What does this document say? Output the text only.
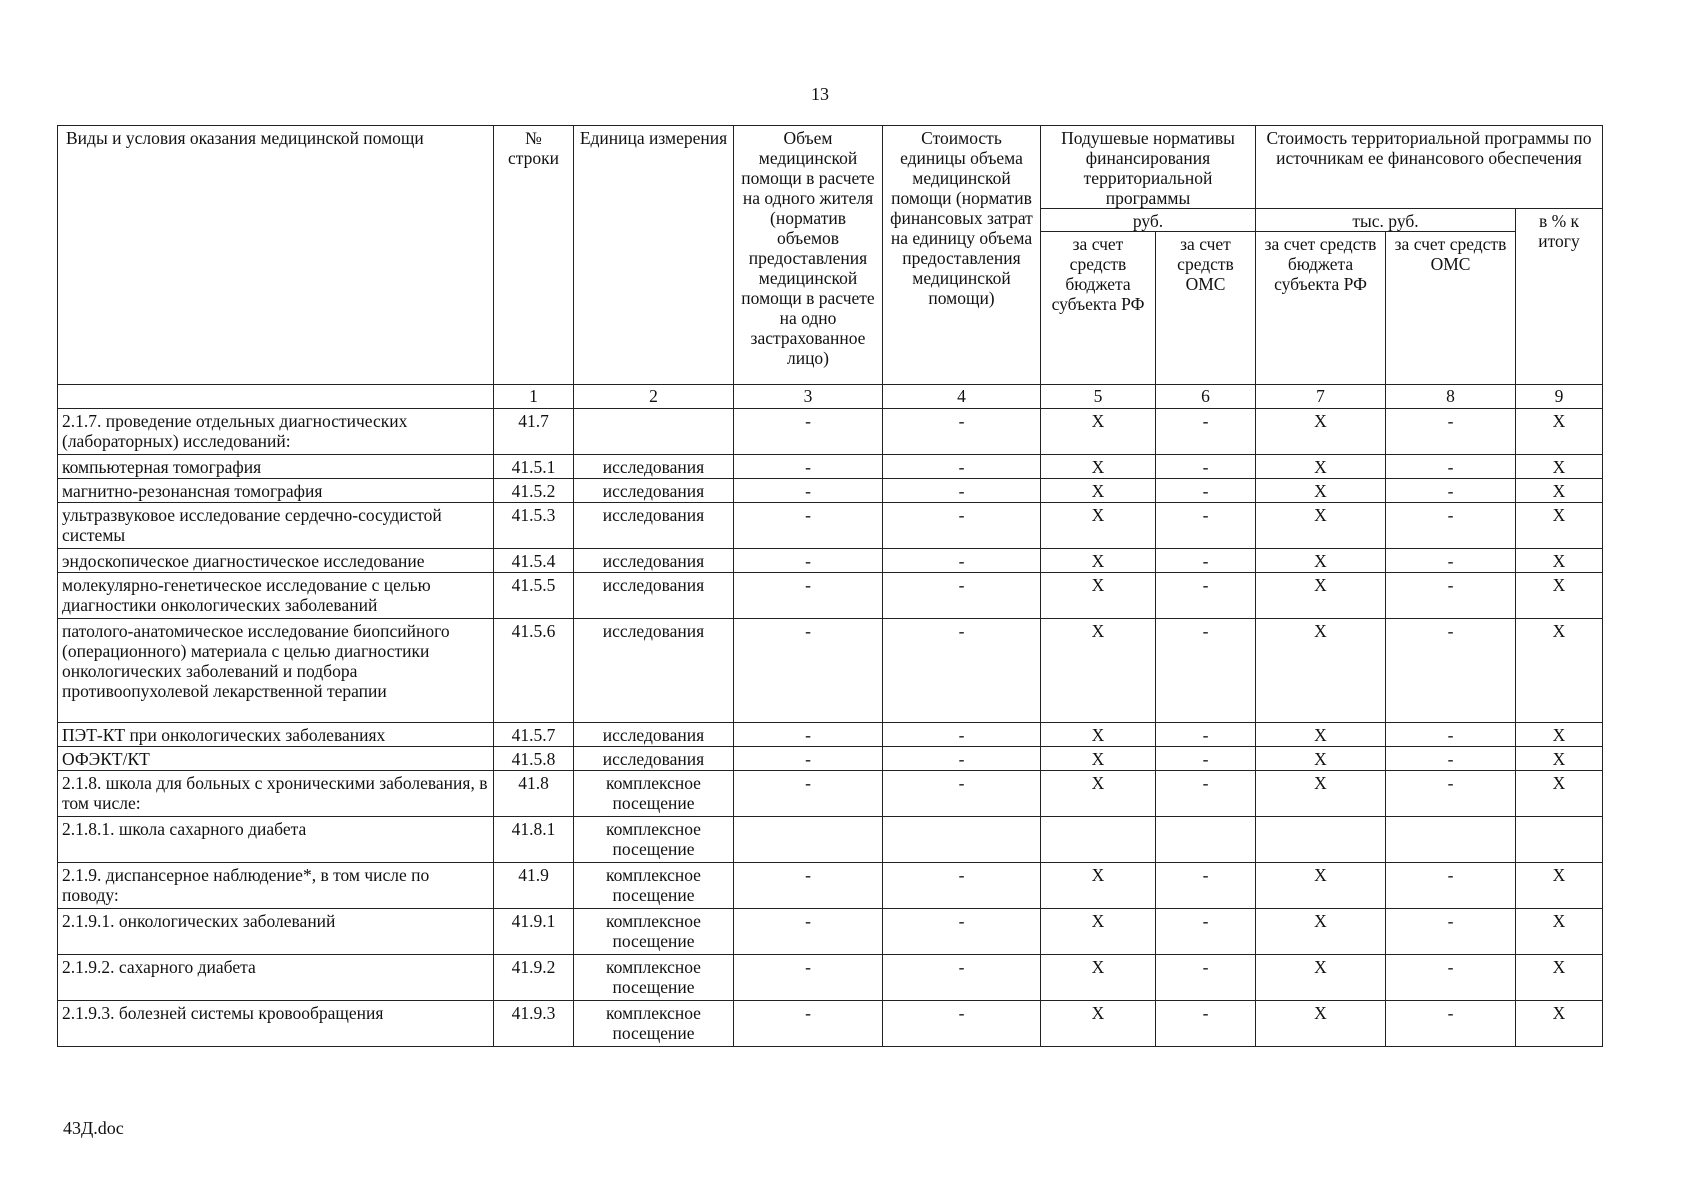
13
Виды и условия оказания медицинской помощи	№ строки	Единица измерения	Объем медицинской помощи в расчете на одного жителя (норматив объемов предоставления медицинской помощи в расчете на одно застрахованное лицо)	Стоимость единицы объема медицинской помощи (норматив финансовых затрат на единицу объема предоставления медицинской помощи)	Подушевые нормативы финансирования территориальной программы		Стоимость территориальной программы по источникам ее финансового обеспечения		
					руб.		тыс. руб.		в % к итогу
					за счет средств бюджета субъекта РФ	за счет средств ОМС	за счет средств бюджета субъекта РФ	за счет средств ОМС	
	1	2	3	4	5	6	7	8	9
2.1.7. проведение отдельных диагностических (лабораторных) исследований:	41.7		-	-	X	-	X	-	X
компьютерная томография	41.5.1	исследования	-	-	X	-	X	-	X
магнитно-резонансная томография	41.5.2	исследования	-	-	X	-	X	-	X
ультразвуковое исследование сердечно-сосудистой системы	41.5.3	исследования	-	-	X	-	X	-	X
эндоскопическое диагностическое исследование	41.5.4	исследования	-	-	X	-	X	-	X
молекулярно-генетическое исследование с целью диагностики онкологических заболеваний	41.5.5	исследования	-	-	X	-	X	-	X
патолого-анатомическое исследование биопсийного (операционного) материала с целью диагностики онкологических заболеваний и подбора противоопухолевой лекарственной терапии	41.5.6	исследования	-	-	X	-	X	-	X
ПЭТ-КТ при онкологических заболеваниях	41.5.7	исследования	-	-	X	-	X	-	X
ОФЭКТ/КТ	41.5.8	исследования	-	-	X	-	X	-	X
2.1.8. школа для больных с хроническими заболевания, в том числе:	41.8	комплексное посещение	-	-	X	-	X	-	X
2.1.8.1. школа сахарного диабета	41.8.1	комплексное посещение							
2.1.9. диспансерное наблюдение*, в том числе по поводу:	41.9	комплексное посещение	-	-	X	-	X	-	X
2.1.9.1. онкологических заболеваний	41.9.1	комплексное посещение	-	-	X	-	X	-	X
2.1.9.2. сахарного диабета	41.9.2	комплексное посещение	-	-	X	-	X	-	X
2.1.9.3. болезней системы кровообращения	41.9.3	комплексное посещение	-	-	X	-	X	-	X
43Д.doc
